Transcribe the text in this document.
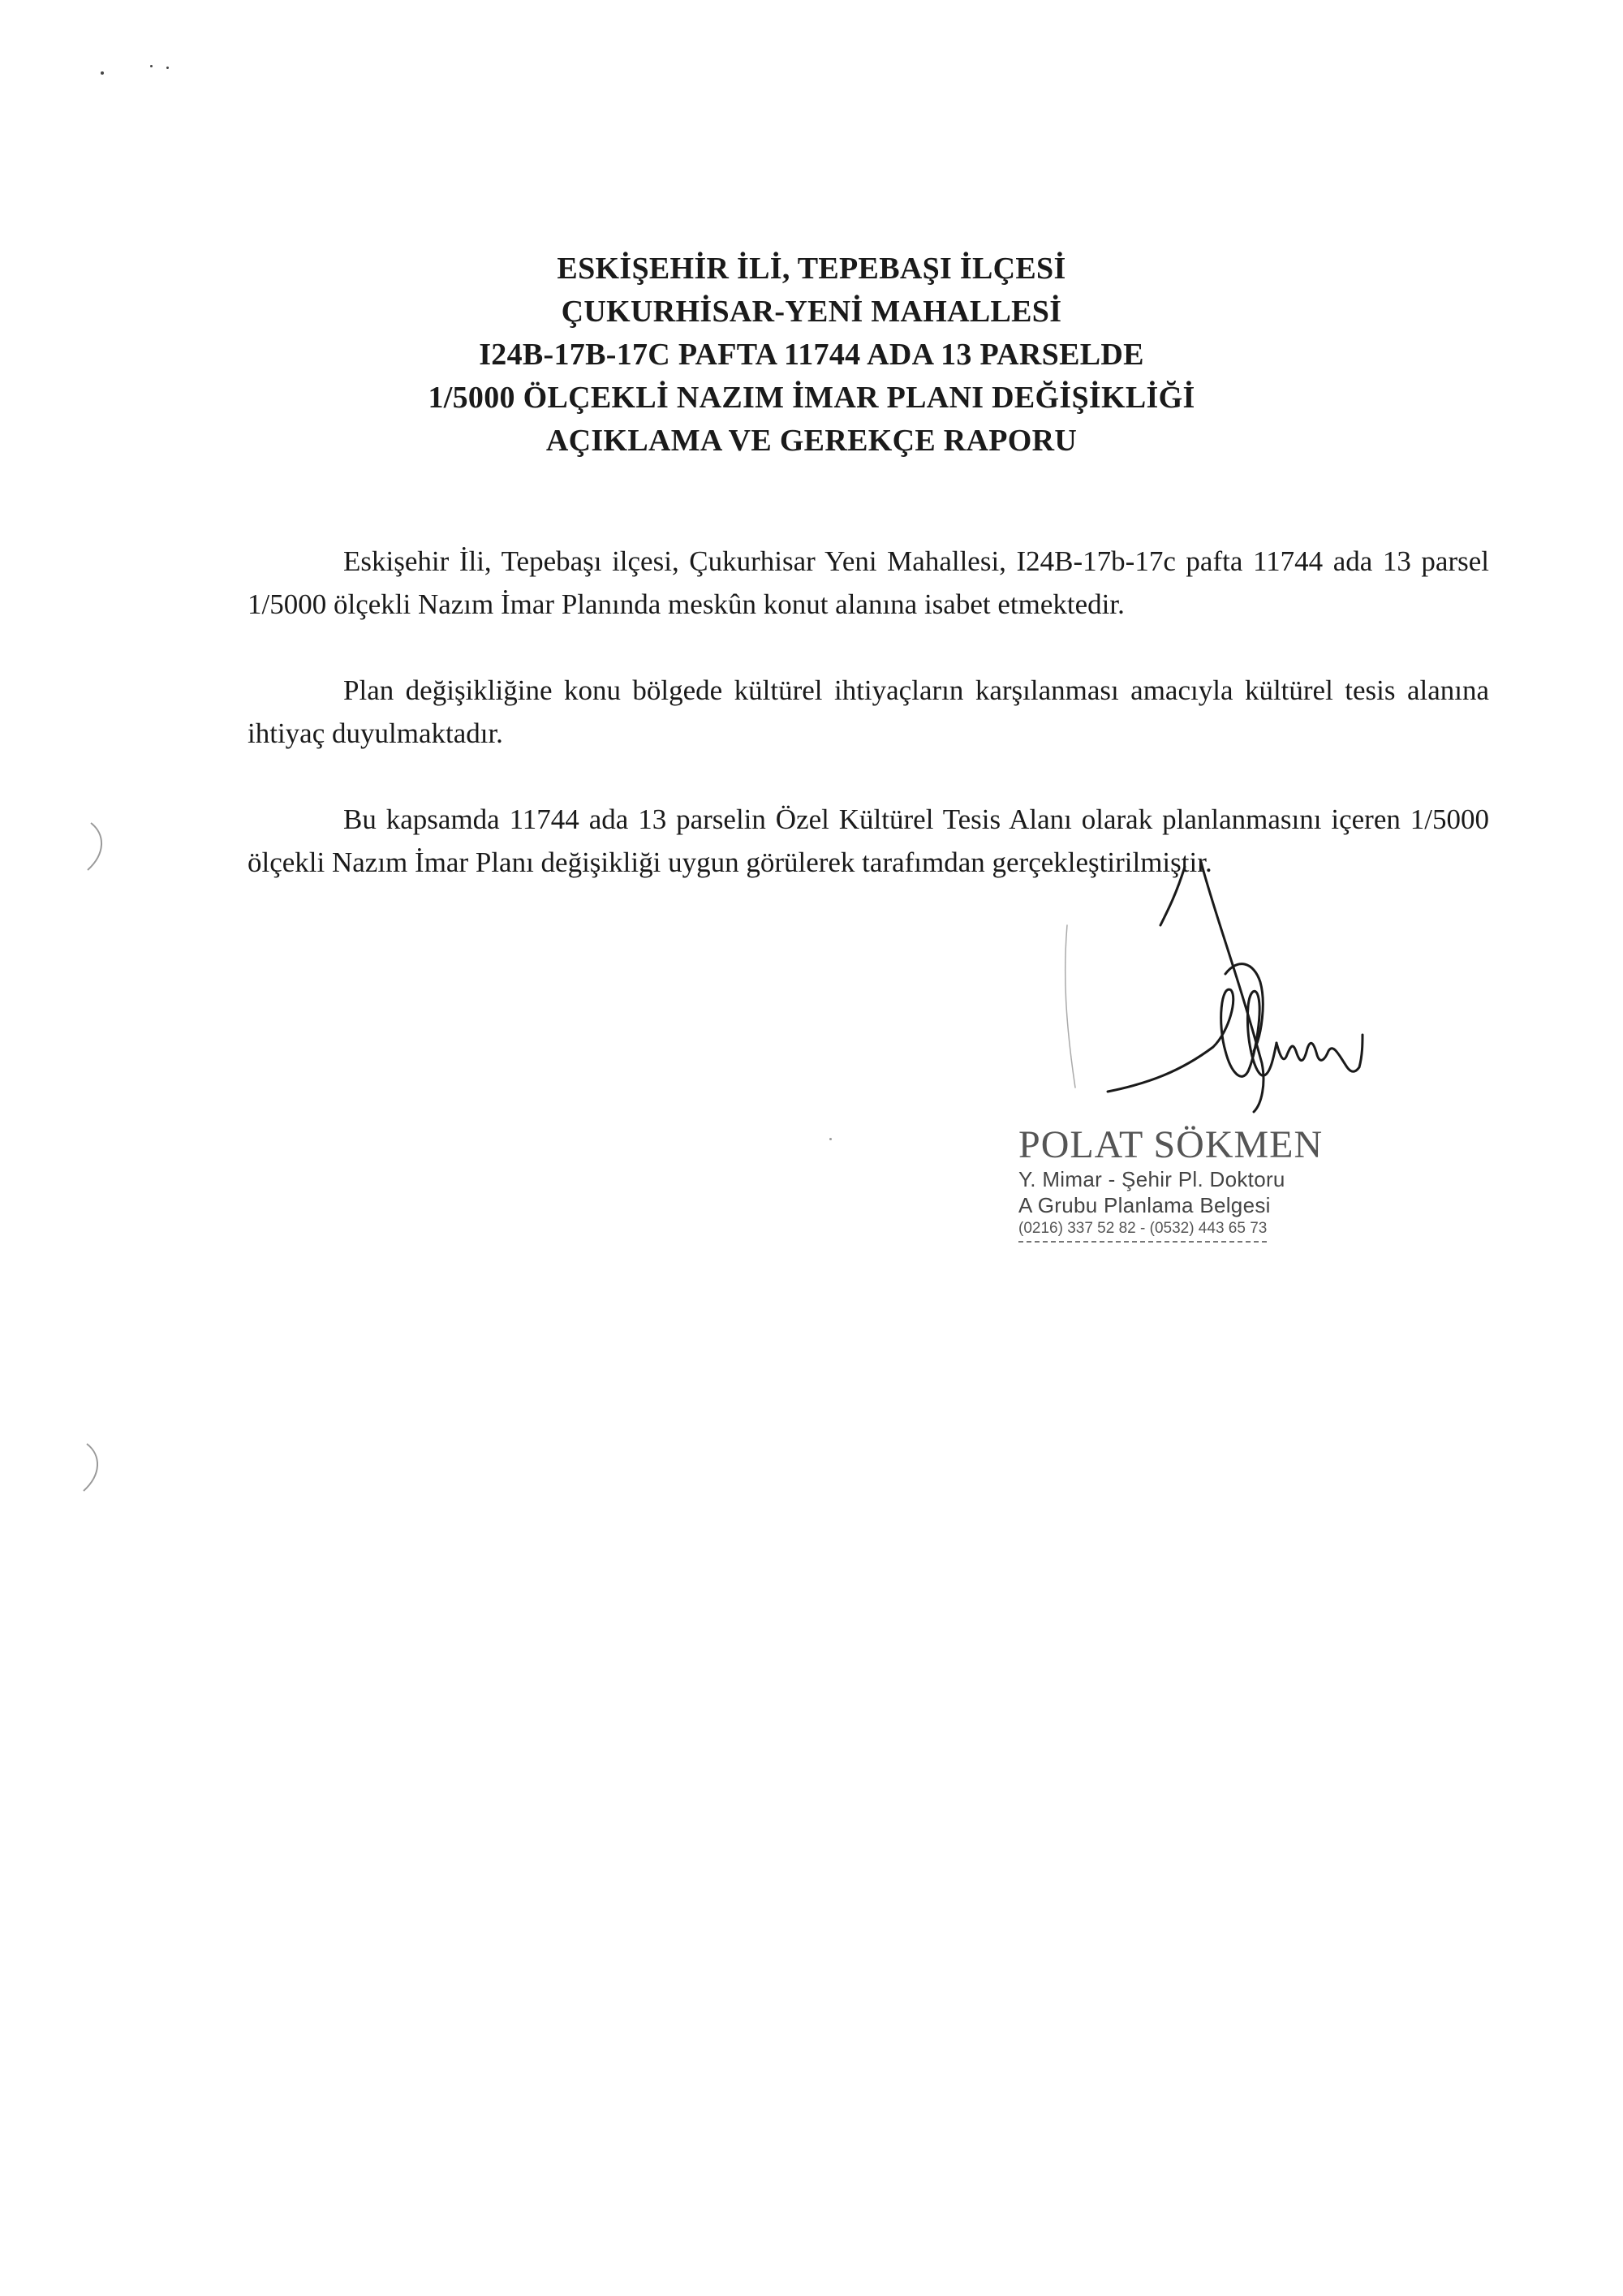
ESKİŞEHİR İLİ, TEPEBAŞI İLÇESİ
ÇUKURHİSAR-YENİ MAHALLESİ
I24B-17B-17C PAFTA 11744 ADA 13 PARSELDE
1/5000 ÖLÇEKLİ NAZIM İMAR PLANI DEĞİŞİKLİĞİ
AÇIKLAMA VE GEREKÇE RAPORU

Eskişehir İli, Tepebaşı ilçesi, Çukurhisar Yeni Mahallesi, I24B-17b-17c pafta 11744 ada 13 parsel 1/5000 ölçekli Nazım İmar Planında meskûn konut alanına isabet etmektedir.

Plan değişikliğine konu bölgede kültürel ihtiyaçların karşılanması amacıyla kültürel tesis alanına ihtiyaç duyulmaktadır.

Bu kapsamda 11744 ada 13 parselin Özel Kültürel Tesis Alanı olarak planlanmasını içeren 1/5000 ölçekli Nazım İmar Planı değişikliği uygun görülerek tarafımdan gerçekleştirilmiştir.

POLAT SÖKMEN
Y. Mimar - Şehir Pl. Doktoru
A Grubu Planlama Belgesi
(0216) 337 52 82 - (0532) 443 65 73
